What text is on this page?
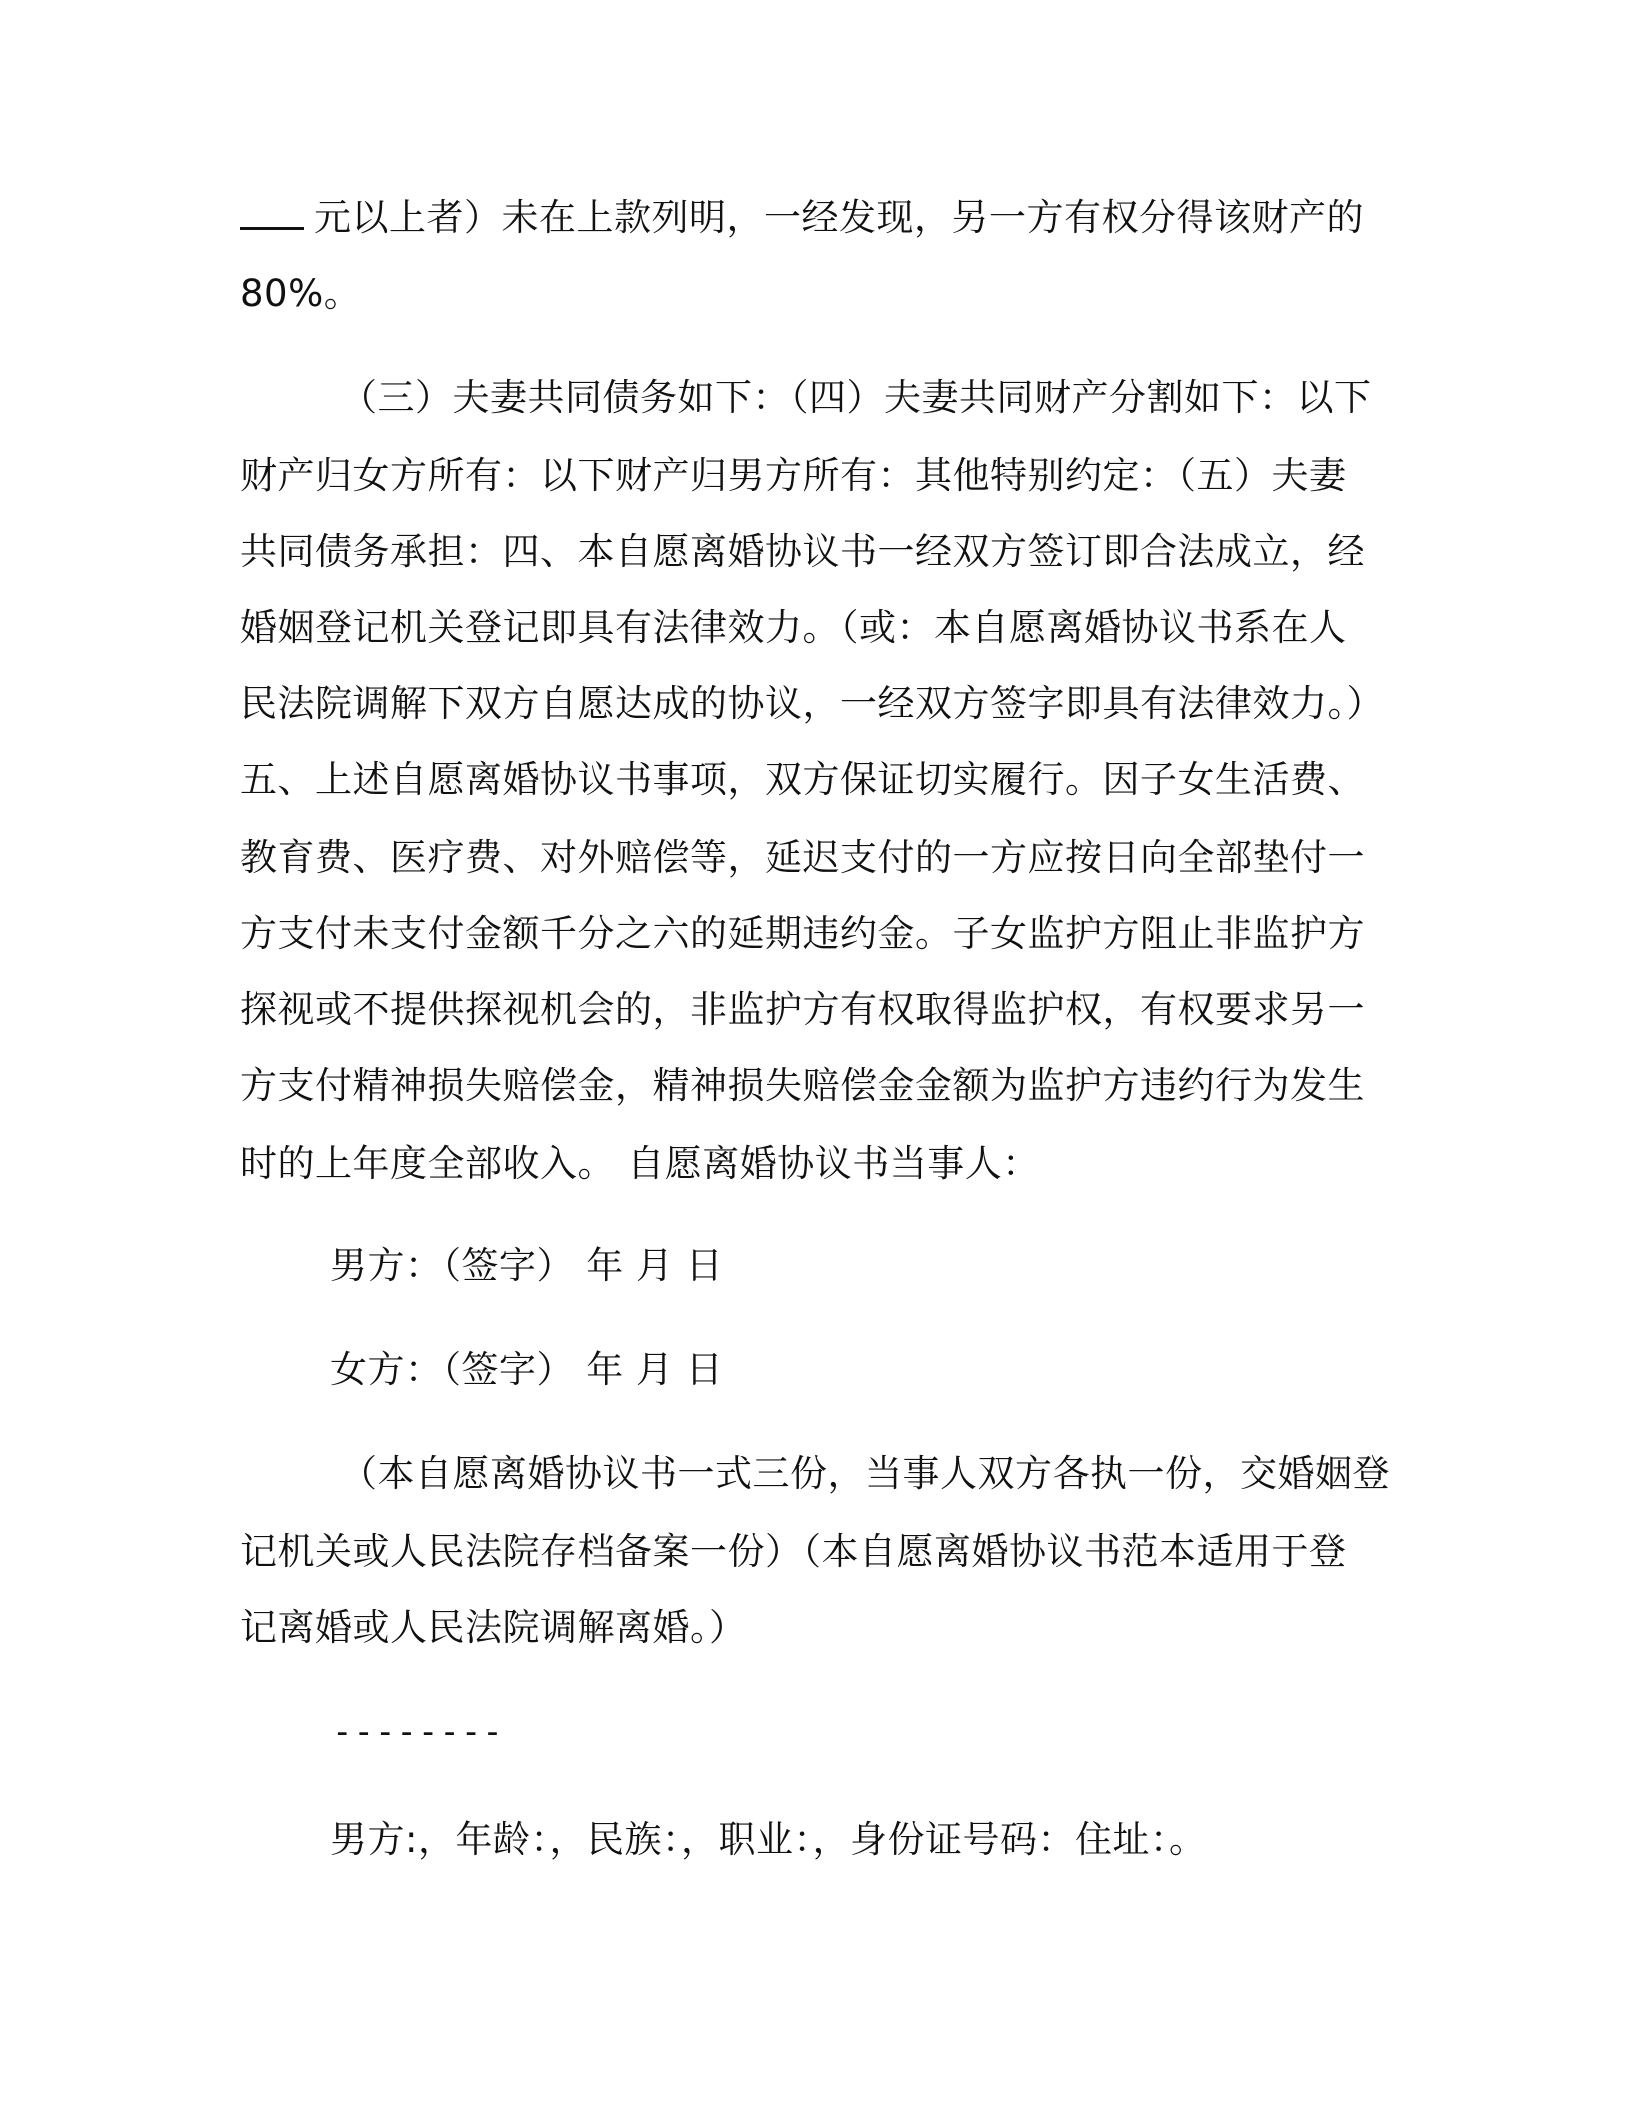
元以上者）未在上款列明，一经发现，另一方有权分得该财产的
80%。
（三）夫妻共同债务如下：（四）夫妻共同财产分割如下：以下
财产归女方所有：以下财产归男方所有：其他特别约定：（五）夫妻
共同债务承担：四、本自愿离婚协议书一经双方签订即合法成立，经
婚姻登记机关登记即具有法律效力。（或：本自愿离婚协议书系在人
民法院调解下双方自愿达成的协议，一经双方签字即具有法律效力。）
五、上述自愿离婚协议书事项，双方保证切实履行。因子女生活费、
教育费、医疗费、对外赔偿等，延迟支付的一方应按日向全部垫付一
方支付未支付金额千分之六的延期违约金。子女监护方阻止非监护方
探视或不提供探视机会的，非监护方有权取得监护权，有权要求另一
方支付精神损失赔偿金，精神损失赔偿金金额为监护方违约行为发生
时的上年度全部收入。 自愿离婚协议书当事人：
男方：（签字） 年 月 日
女方：（签字） 年 月 日
（本自愿离婚协议书一式三份，当事人双方各执一份，交婚姻登
记机关或人民法院存档备案一份）（本自愿离婚协议书范本适用于登
记离婚或人民法院调解离婚。）
--------
男方:，年龄：，民族：，职业：，身份证号码：住址：。
